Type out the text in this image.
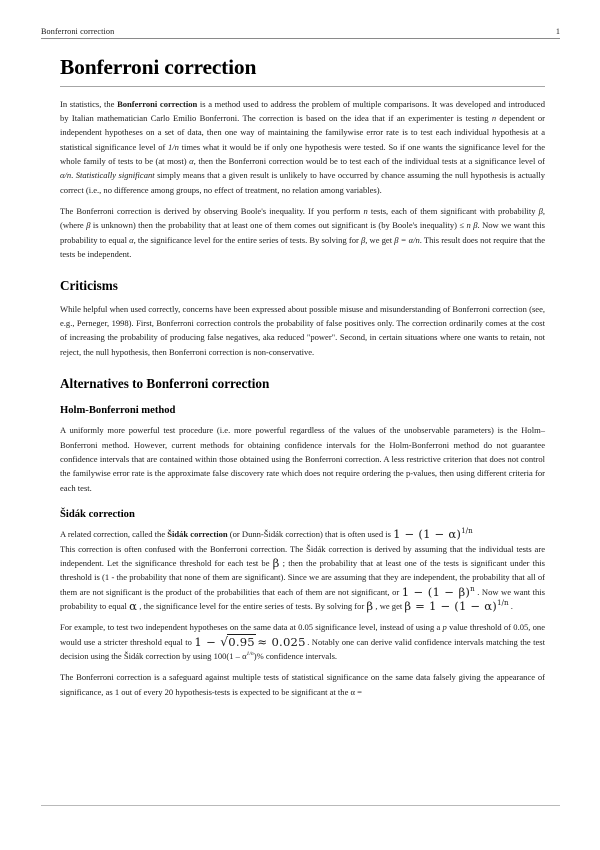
Bonferroni correction	1
Bonferroni correction

In statistics, the Bonferroni correction is a method used to address the problem of multiple comparisons. It was developed and introduced by Italian mathematician Carlo Emilio Bonferroni. The correction is based on the idea that if an experimenter is testing n dependent or independent hypotheses on a set of data, then one way of maintaining the familywise error rate is to test each individual hypothesis at a statistical significance level of 1/n times what it would be if only one hypothesis were tested. So if one wants the significance level for the whole family of tests to be (at most) α, then the Bonferroni correction would be to test each of the individual tests at a significance level of α/n. Statistically significant simply means that a given result is unlikely to have occurred by chance assuming the null hypothesis is actually correct (i.e., no difference among groups, no effect of treatment, no relation among variables).

The Bonferroni correction is derived by observing Boole's inequality. If you perform n tests, each of them significant with probability β, (where β is unknown) then the probability that at least one of them comes out significant is (by Boole's inequality) ≤ n β. Now we want this probability to equal α, the significance level for the entire series of tests. By solving for β, we get β = α/n. This result does not require that the tests be independent.

Criticisms

While helpful when used correctly, concerns have been expressed about possible misuse and misunderstanding of Bonferroni correction (see, e.g., Perneger, 1998). First, Bonferroni correction controls the probability of false positives only. The correction ordinarily comes at the cost of increasing the probability of producing false negatives, aka reduced "power". Second, in certain situations where one wants to retain, not reject, the null hypothesis, then Bonferroni correction is non-conservative.

Alternatives to Bonferroni correction
Holm-Bonferroni method

A uniformly more powerful test procedure (i.e. more powerful regardless of the values of the unobservable parameters) is the Holm–Bonferroni method. However, current methods for obtaining confidence intervals for the Holm-Bonferroni method do not guarantee confidence intervals that are contained within those obtained using the Bonferroni correction. A less restrictive criterion that does not control the familywise error rate is the approximate false discovery rate which does not require ordering the p-values, then using different criteria for each test.

Šidák correction

A related correction, called the Šidák correction (or Dunn-Šidák correction) that is often used is $1 - (1 - \alpha)^{1/n}$

This correction is often confused with the Bonferroni correction. The Šidák correction is derived by assuming that the individual tests are independent. Let the significance threshold for each test be β ; then the probability that at least one of the tests is significant under this threshold is (1 - the probability that none of them are significant). Since we are assuming that they are independent, the probability that all of them are not significant is the product of the probabilities that each of them are not significant, or $1 - (1 - \beta)^n$ . Now we want this probability to equal α , the significance level for the entire series of tests. By solving for β , we get $\beta = 1 - (1 - \alpha)^{1/n}$ .

For example, to test two independent hypotheses on the same data at 0.05 significance level, instead of using a p value threshold of 0.05, one would use a stricter threshold equal to 1 − √0.95 ≈ 0.025 . Notably one can derive valid confidence intervals matching the test decision using the Šidák correction by using $100(1 - \alpha^{1/n})\%$ confidence intervals.

The Bonferroni correction is a safeguard against multiple tests of statistical significance on the same data falsely giving the appearance of significance, as 1 out of every 20 hypothesis-tests is expected to be significant at the α =
